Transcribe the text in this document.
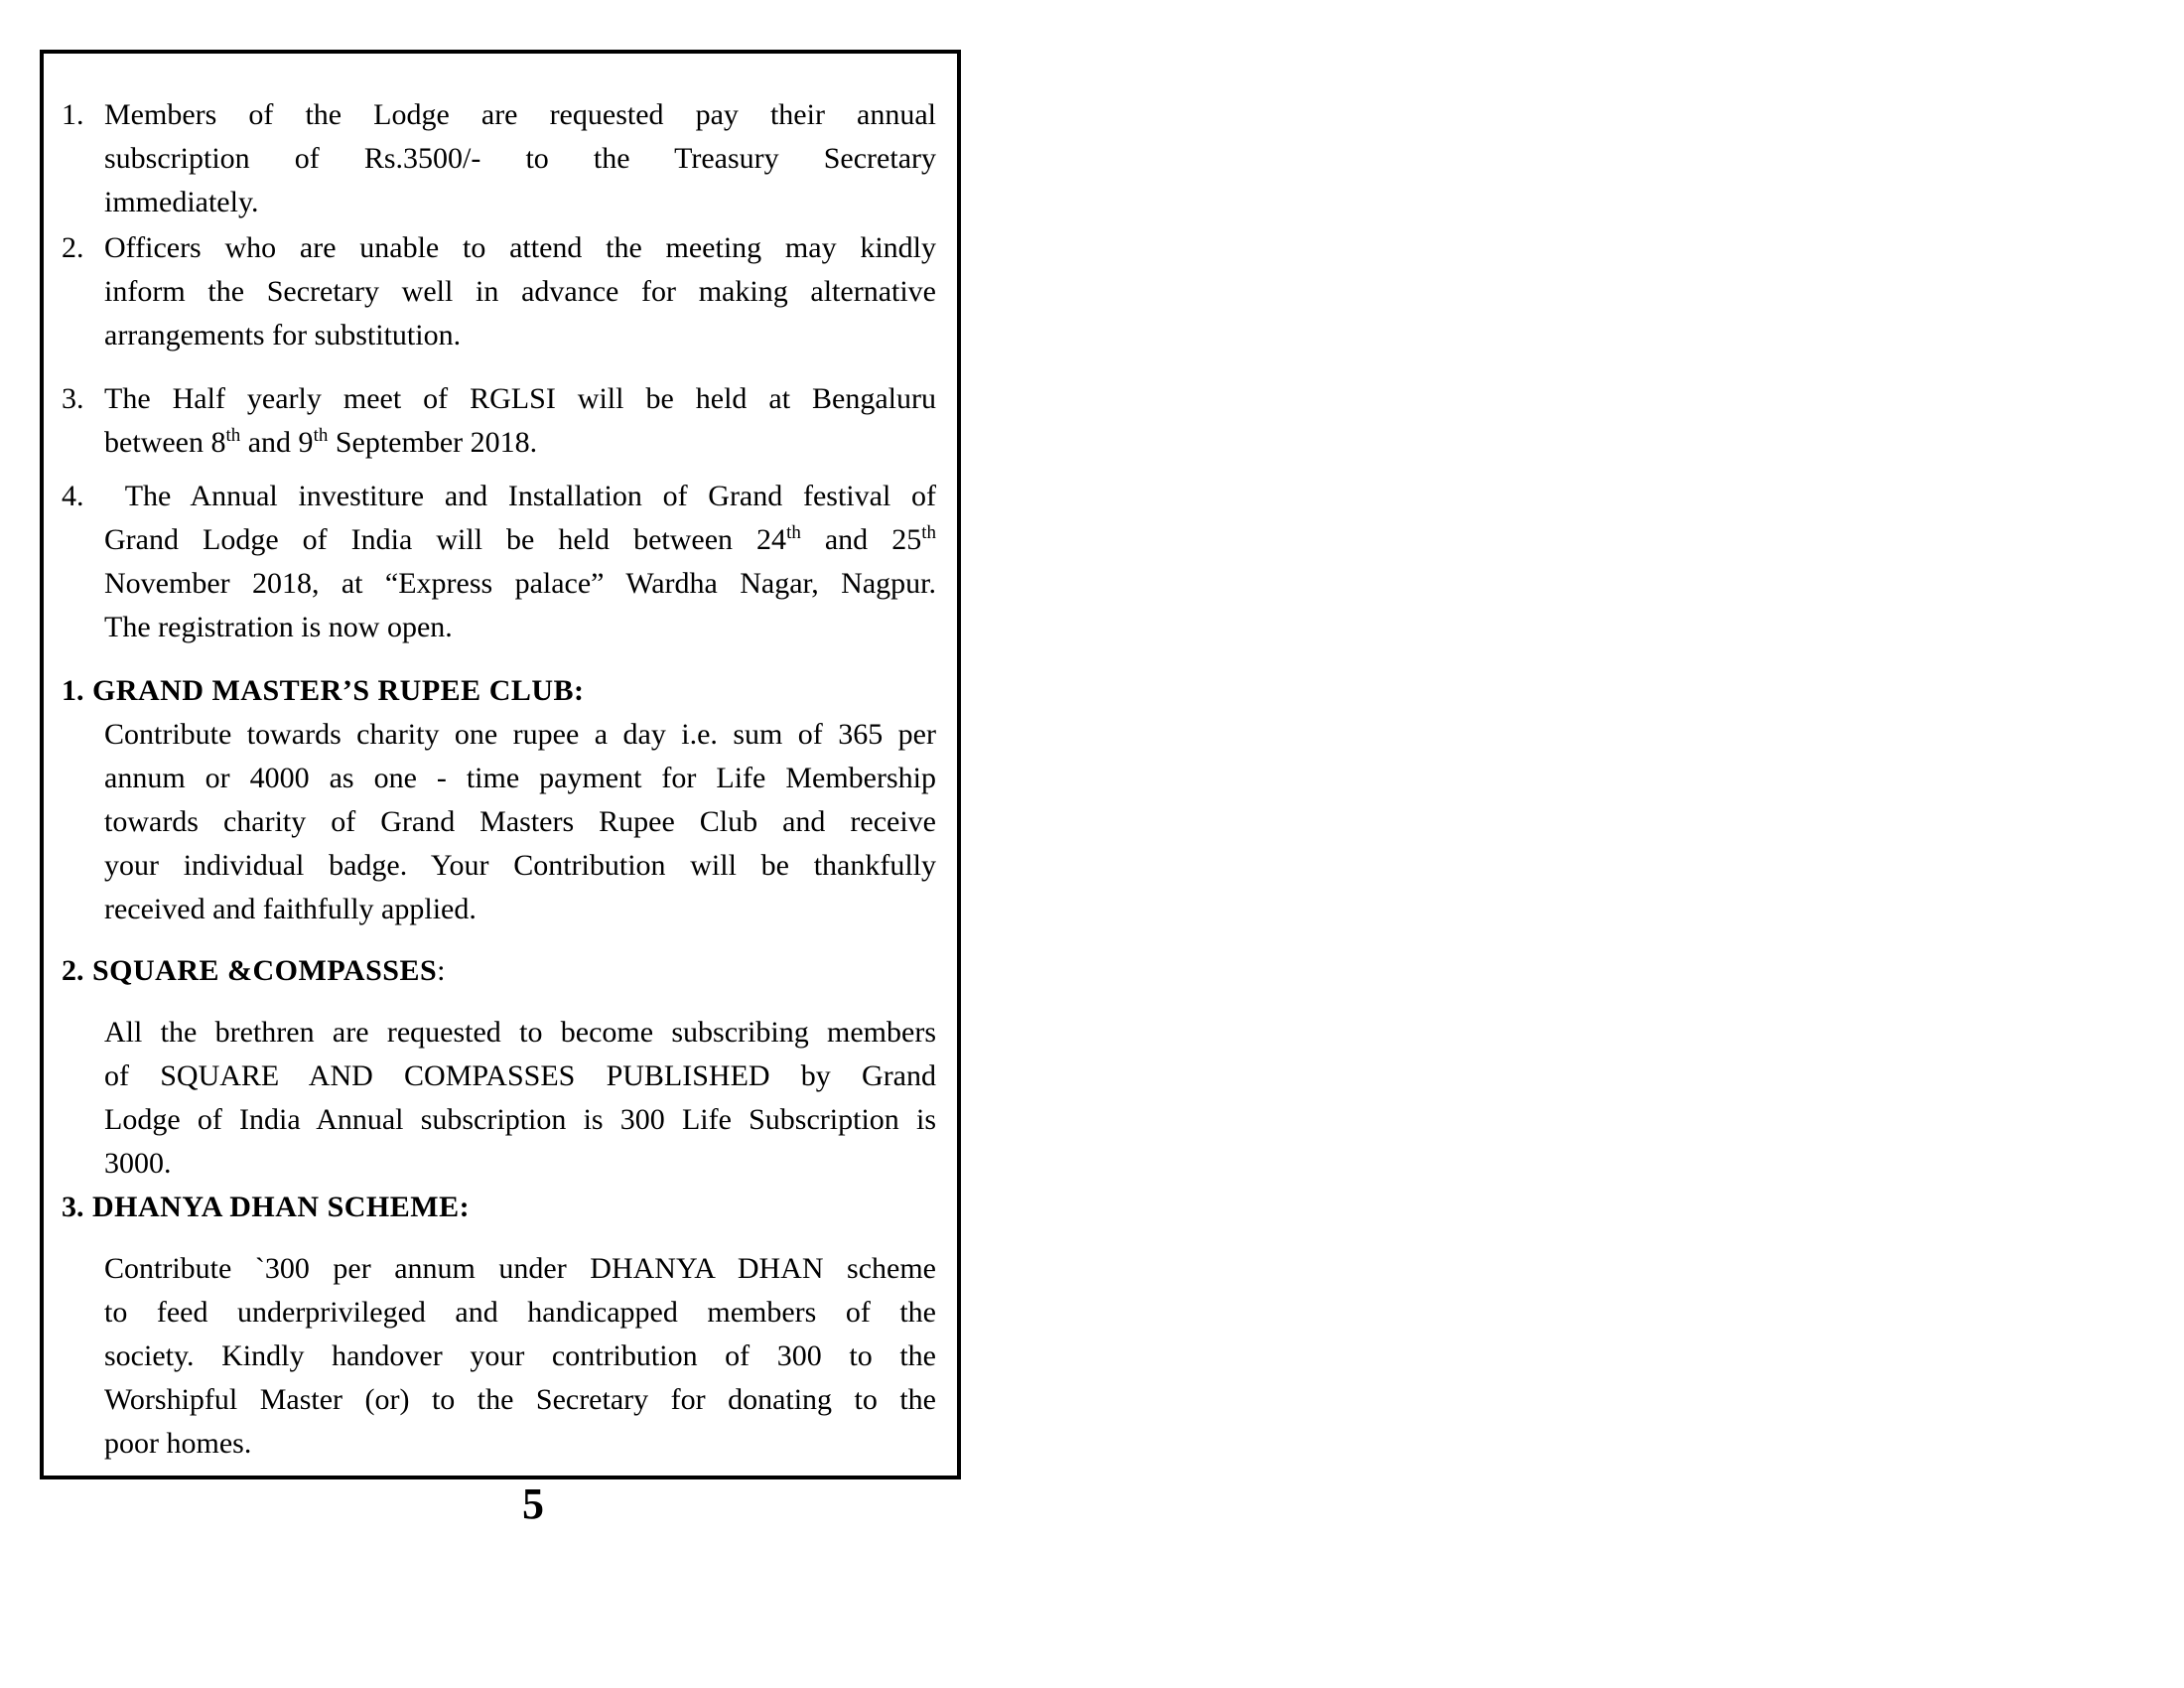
1. Members of the Lodge are requested pay their annual
subscription of Rs.3500/- to the Treasury Secretary
immediately.
2. Officers who are unable to attend the meeting may kindly
inform the Secretary well in advance for making alternative
arrangements for substitution.
3. The Half yearly meet of RGLSI will be held at Bengaluru
between 8th and 9th September 2018.
4. The Annual investiture and Installation of Grand festival of
Grand Lodge of India will be held between 24th and 25th
November 2018, at “Express palace” Wardha Nagar, Nagpur.
The registration is now open.
1. GRAND MASTER’S RUPEE CLUB:
Contribute towards charity one rupee a day i.e. sum of 365 per
annum or 4000 as one - time payment for Life Membership
towards charity of Grand Masters Rupee Club and receive
your individual badge. Your Contribution will be thankfully
received and faithfully applied.
2. SQUARE &COMPASSES:
All the brethren are requested to become subscribing members
of SQUARE AND COMPASSES PUBLISHED by Grand
Lodge of India Annual subscription is 300 Life Subscription is
3000.
3. DHANYA DHAN SCHEME:
Contribute `300 per annum under DHANYA DHAN scheme
to feed underprivileged and handicapped members of the
society. Kindly handover your contribution of 300 to the
Worshipful Master (or) to the Secretary for donating to the
poor homes.
5
